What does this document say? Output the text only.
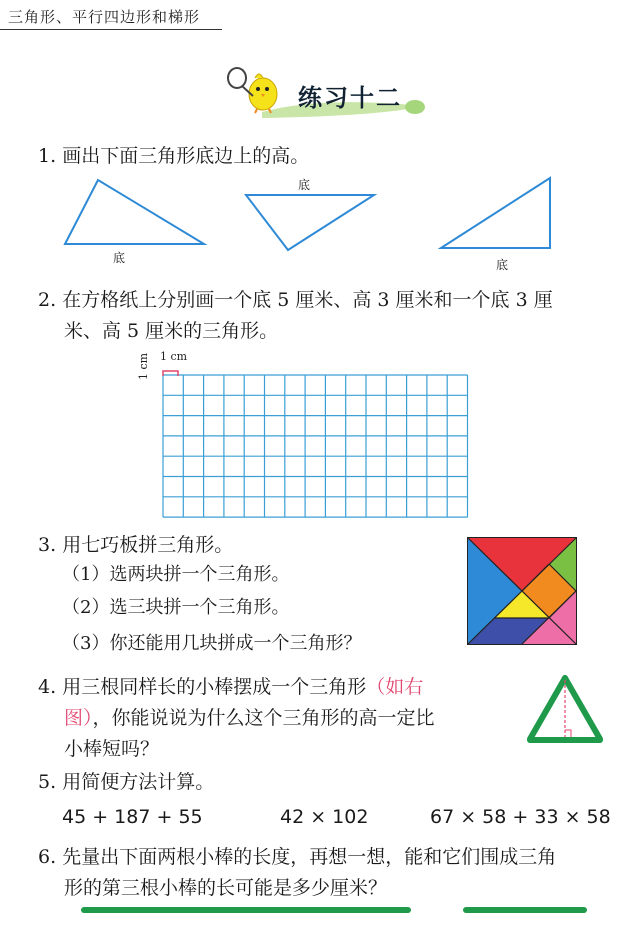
三角形、平行四边形和梯形
练习十二
1. 画出下面三角形底边上的高。
底
底
底
2. 在方格纸上分别画一个底 5 厘米、高 3 厘米和一个底 3 厘
米、高 5 厘米的三角形。
1 cm
1 cm
3. 用七巧板拼三角形。
（1）选两块拼一个三角形。
（2）选三块拼一个三角形。
（3）你还能用几块拼成一个三角形？
4. 用三根同样长的小棒摆成一个三角形（如右
图），你能说说为什么这个三角形的高一定比
小棒短吗？
5. 用简便方法计算。
45 + 187 + 55	42 × 102	67 × 58 + 33 × 58
6. 先量出下面两根小棒的长度，再想一想，能和它们围成三角
形的第三根小棒的长可能是多少厘米？
